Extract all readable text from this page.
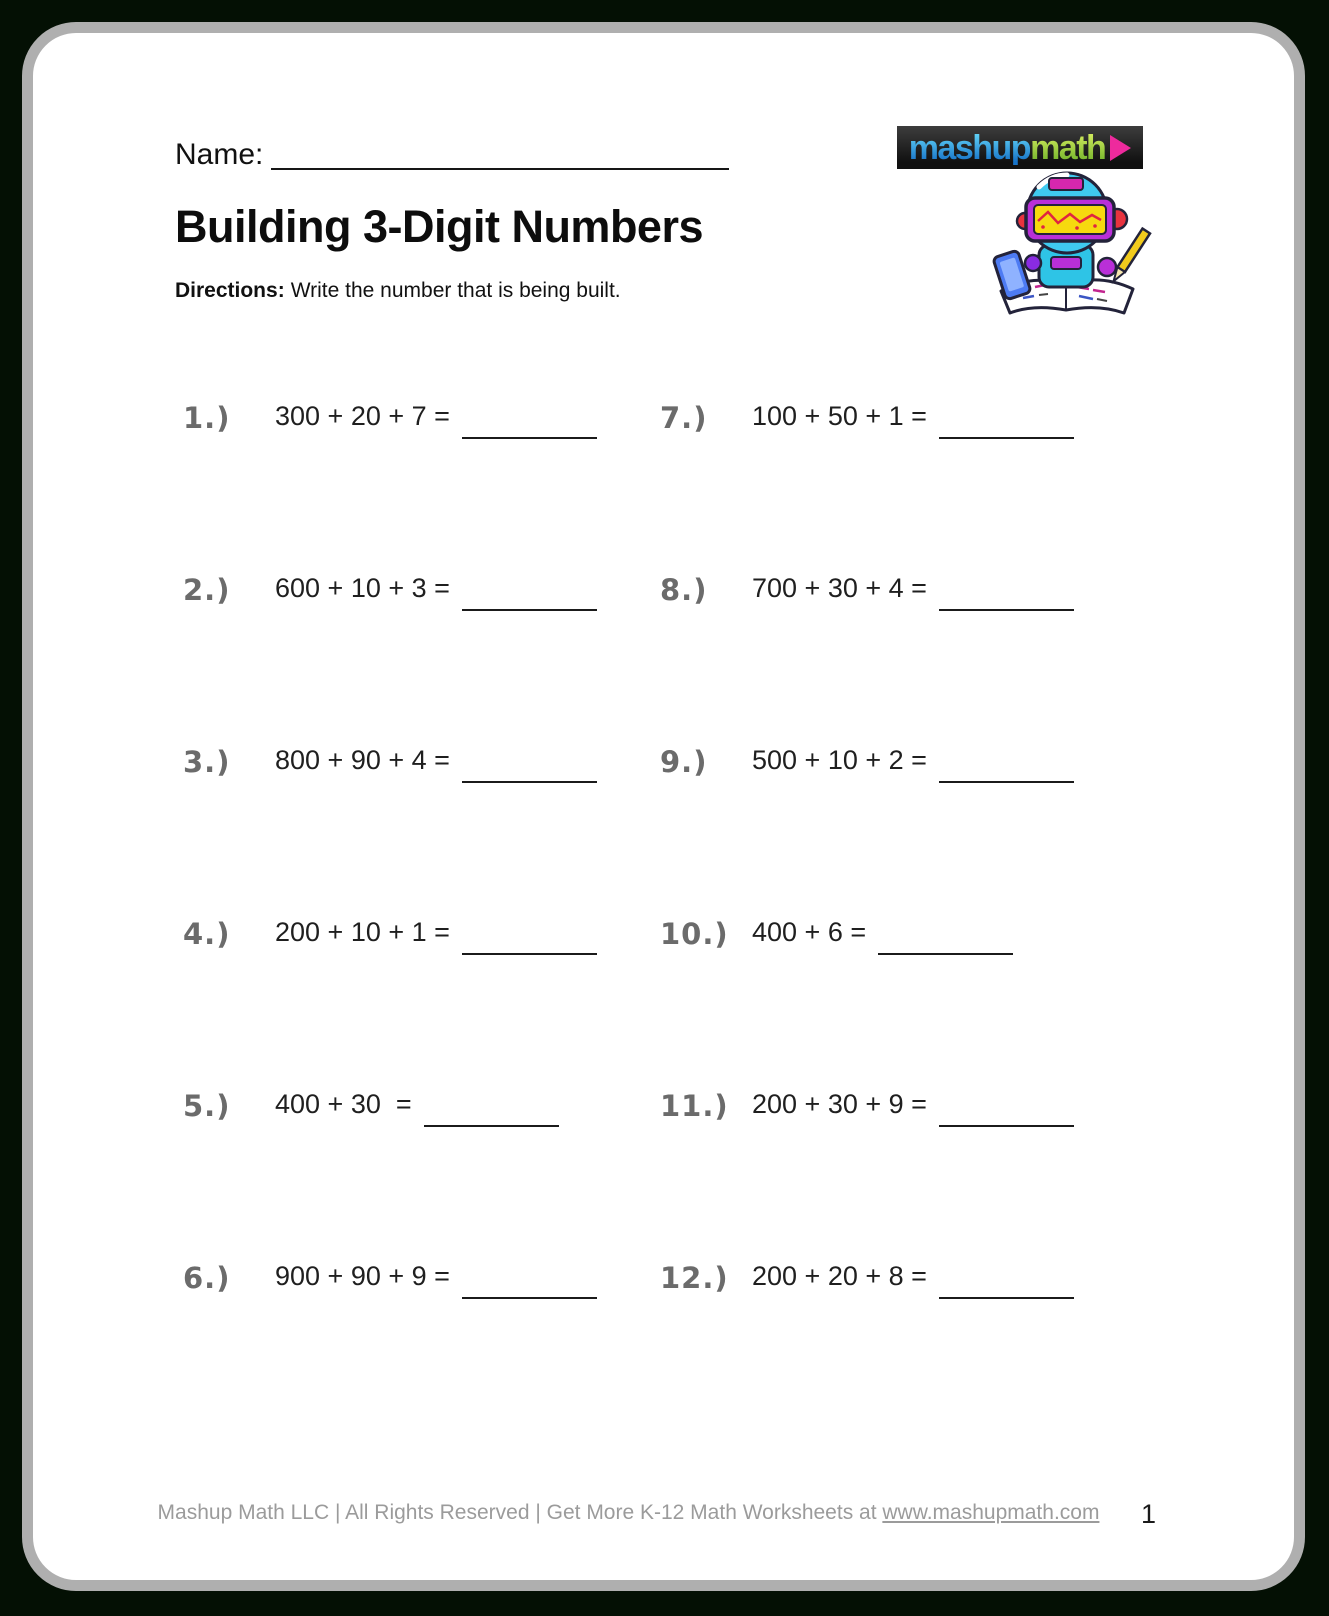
Name:
Building 3-Digit Numbers

Directions: Write the number that is being built.

mashup math
1.)	300 + 20 + 7 =	7.)	100 + 50 + 1 =
2.)	600 + 10 + 3 =	8.)	700 + 30 + 4 =
3.)	800 + 90 + 4 =	9.)	500 + 10 + 2 =
4.)	200 + 10 + 1 =	10.) 400 + 6 =
5.)	400 + 30  =	11.) 200 + 30 + 9 =
6.)	900 + 90 + 9 =	12.) 200 + 20 + 8 =
Mashup Math LLC | All Rights Reserved | Get More K-12 Math Worksheets at www.mashupmath.com	1
